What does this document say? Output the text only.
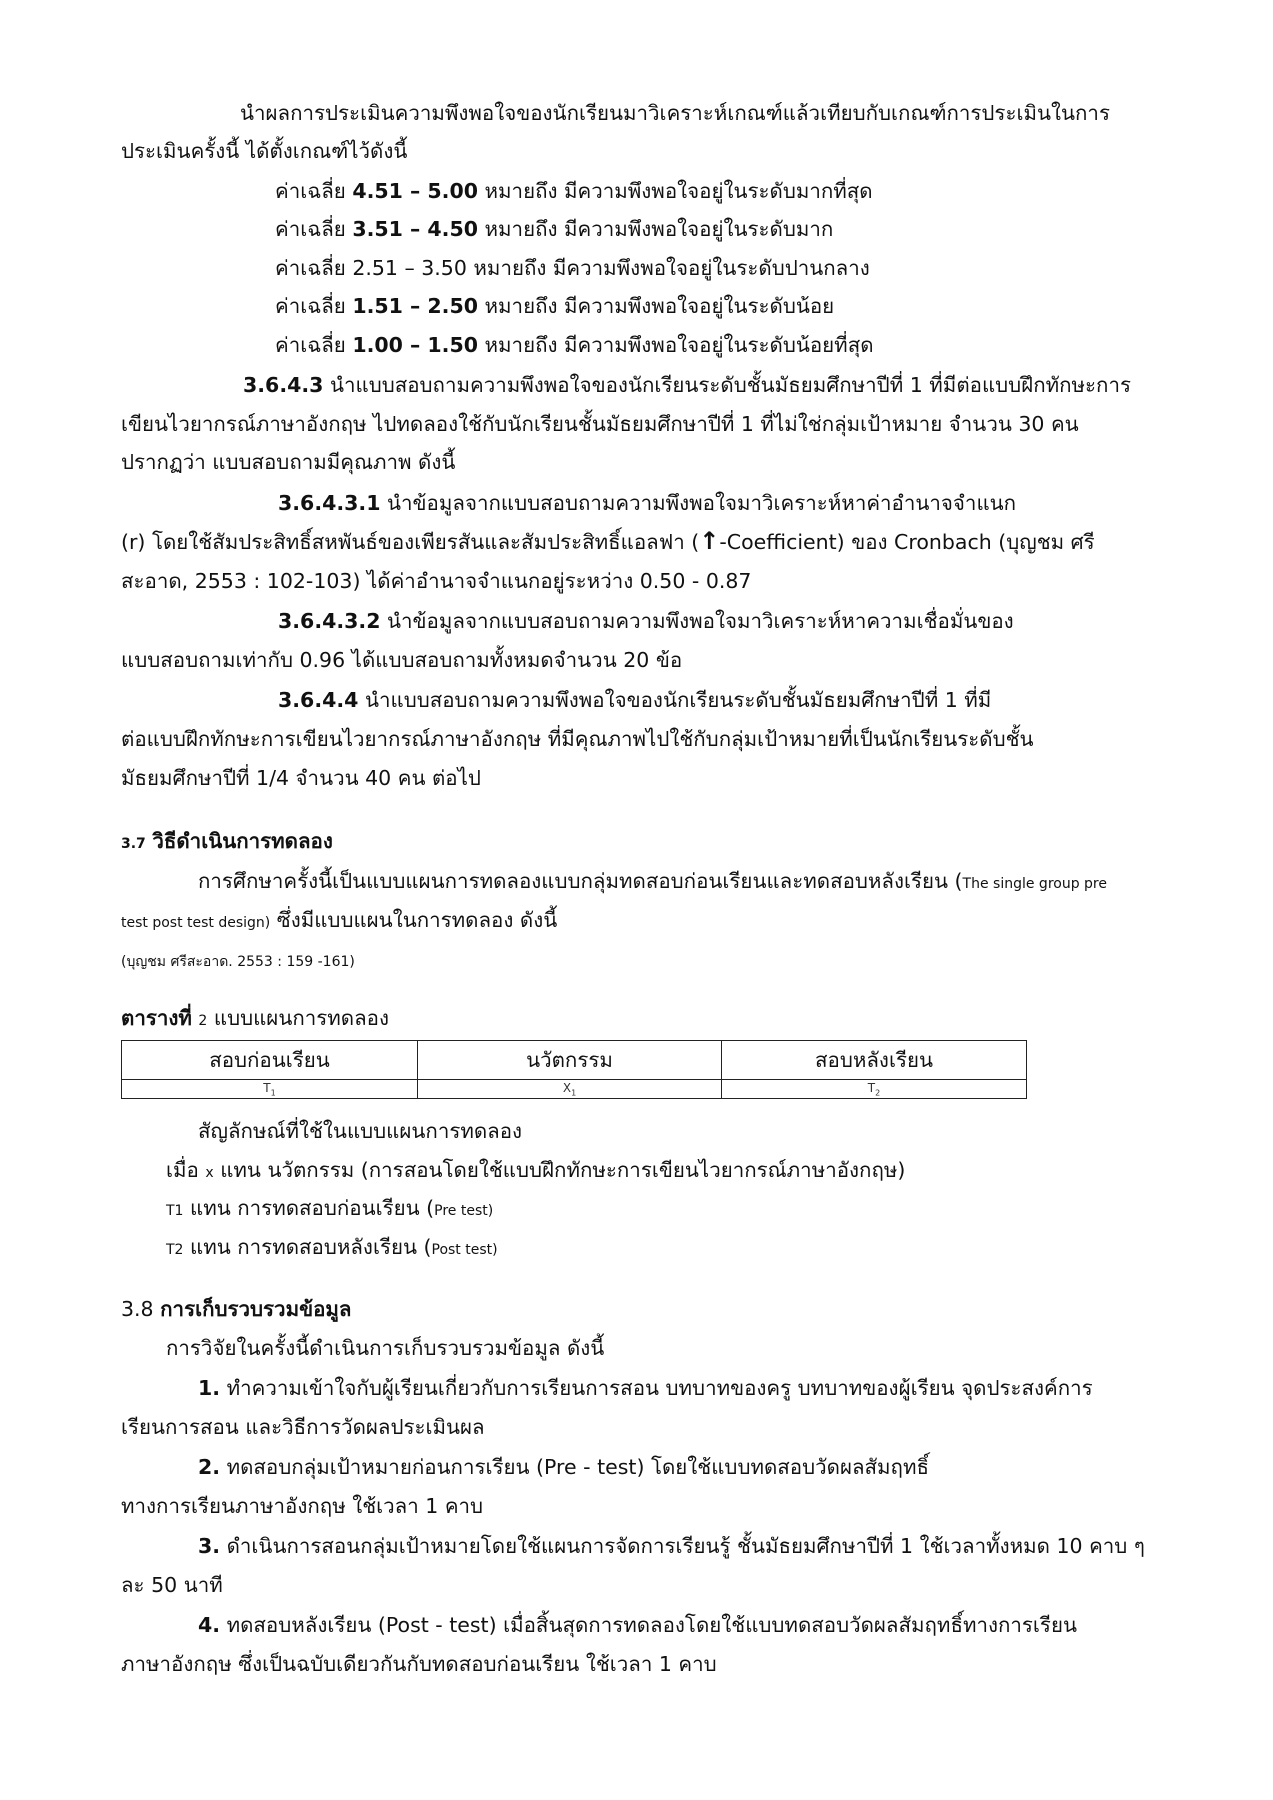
นำผลการประเมินความพึงพอใจของนักเรียนมาวิเคราะห์เกณฑ์แล้วเทียบกับเกณฑ์การประเมินในการ
ประเมินครั้งนี้ ได้ตั้งเกณฑ์ไว้ดังนี้
ค่าเฉลี่ย 4.51 – 5.00 หมายถึง มีความพึงพอใจอยู่ในระดับมากที่สุด
ค่าเฉลี่ย 3.51 – 4.50 หมายถึง มีความพึงพอใจอยู่ในระดับมาก
ค่าเฉลี่ย 2.51 – 3.50 หมายถึง มีความพึงพอใจอยู่ในระดับปานกลาง
ค่าเฉลี่ย 1.51 – 2.50 หมายถึง มีความพึงพอใจอยู่ในระดับน้อย
ค่าเฉลี่ย 1.00 – 1.50 หมายถึง มีความพึงพอใจอยู่ในระดับน้อยที่สุด
3.6.4.3 นำแบบสอบถามความพึงพอใจของนักเรียนระดับชั้นมัธยมศึกษาปีที่ 1 ที่มีต่อแบบฝึกทักษะการ
เขียนไวยากรณ์ภาษาอังกฤษ ไปทดลองใช้กับนักเรียนชั้นมัธยมศึกษาปีที่ 1 ที่ไม่ใช่กลุ่มเป้าหมาย จำนวน 30 คน
ปรากฏว่า แบบสอบถามมีคุณภาพ ดังนี้
3.6.4.3.1 นำข้อมูลจากแบบสอบถามความพึงพอใจมาวิเคราะห์หาค่าอำนาจจำแนก
(r) โดยใช้สัมประสิทธิ์สหพันธ์ของเพียรสันและสัมประสิทธิ์แอลฟา (↑-Coefficient) ของ Cronbach (บุญชม ศรี
สะอาด, 2553 : 102-103) ได้ค่าอำนาจจำแนกอยู่ระหว่าง 0.50 - 0.87
3.6.4.3.2 นำข้อมูลจากแบบสอบถามความพึงพอใจมาวิเคราะห์หาความเชื่อมั่นของ
แบบสอบถามเท่ากับ 0.96 ได้แบบสอบถามทั้งหมดจำนวน 20 ข้อ
3.6.4.4 นำแบบสอบถามความพึงพอใจของนักเรียนระดับชั้นมัธยมศึกษาปีที่ 1 ที่มี
ต่อแบบฝึกทักษะการเขียนไวยากรณ์ภาษาอังกฤษ ที่มีคุณภาพไปใช้กับกลุ่มเป้าหมายที่เป็นนักเรียนระดับชั้น
มัธยมศึกษาปีที่ 1/4 จำนวน 40 คน ต่อไป
3.7 วิธีดำเนินการทดลอง
การศึกษาครั้งนี้เป็นแบบแผนการทดลองแบบกลุ่มทดสอบก่อนเรียนและทดสอบหลังเรียน (The single group pre
test post test design) ซึ่งมีแบบแผนในการทดลอง ดังนี้
(บุญชม ศรีสะอาด. 2553 : 159 -161)
ตารางที่ 2 แบบแผนการทดลอง
สอบก่อนเรียน	นวัตกรรม	สอบหลังเรียน
$T_1$	$X_1$	$T_2$
สัญลักษณ์ที่ใช้ในแบบแผนการทดลอง
เมื่อ x แทน นวัตกรรม (การสอนโดยใช้แบบฝึกทักษะการเขียนไวยากรณ์ภาษาอังกฤษ)
T1 แทน การทดสอบก่อนเรียน (Pre test)
T2 แทน การทดสอบหลังเรียน (Post test)
3.8 การเก็บรวบรวมข้อมูล
การวิจัยในครั้งนี้ดำเนินการเก็บรวบรวมข้อมูล ดังนี้
1. ทำความเข้าใจกับผู้เรียนเกี่ยวกับการเรียนการสอน บทบาทของครู บทบาทของผู้เรียน จุดประสงค์การ
เรียนการสอน และวิธีการวัดผลประเมินผล
2. ทดสอบกลุ่มเป้าหมายก่อนการเรียน (Pre - test) โดยใช้แบบทดสอบวัดผลสัมฤทธิ์
ทางการเรียนภาษาอังกฤษ ใช้เวลา 1 คาบ
3. ดำเนินการสอนกลุ่มเป้าหมายโดยใช้แผนการจัดการเรียนรู้ ชั้นมัธยมศึกษาปีที่ 1 ใช้เวลาทั้งหมด 10 คาบ ๆ
ละ 50 นาที
4. ทดสอบหลังเรียน (Post - test) เมื่อสิ้นสุดการทดลองโดยใช้แบบทดสอบวัดผลสัมฤทธิ์ทางการเรียน
ภาษาอังกฤษ ซึ่งเป็นฉบับเดียวกันกับทดสอบก่อนเรียน ใช้เวลา 1 คาบ
